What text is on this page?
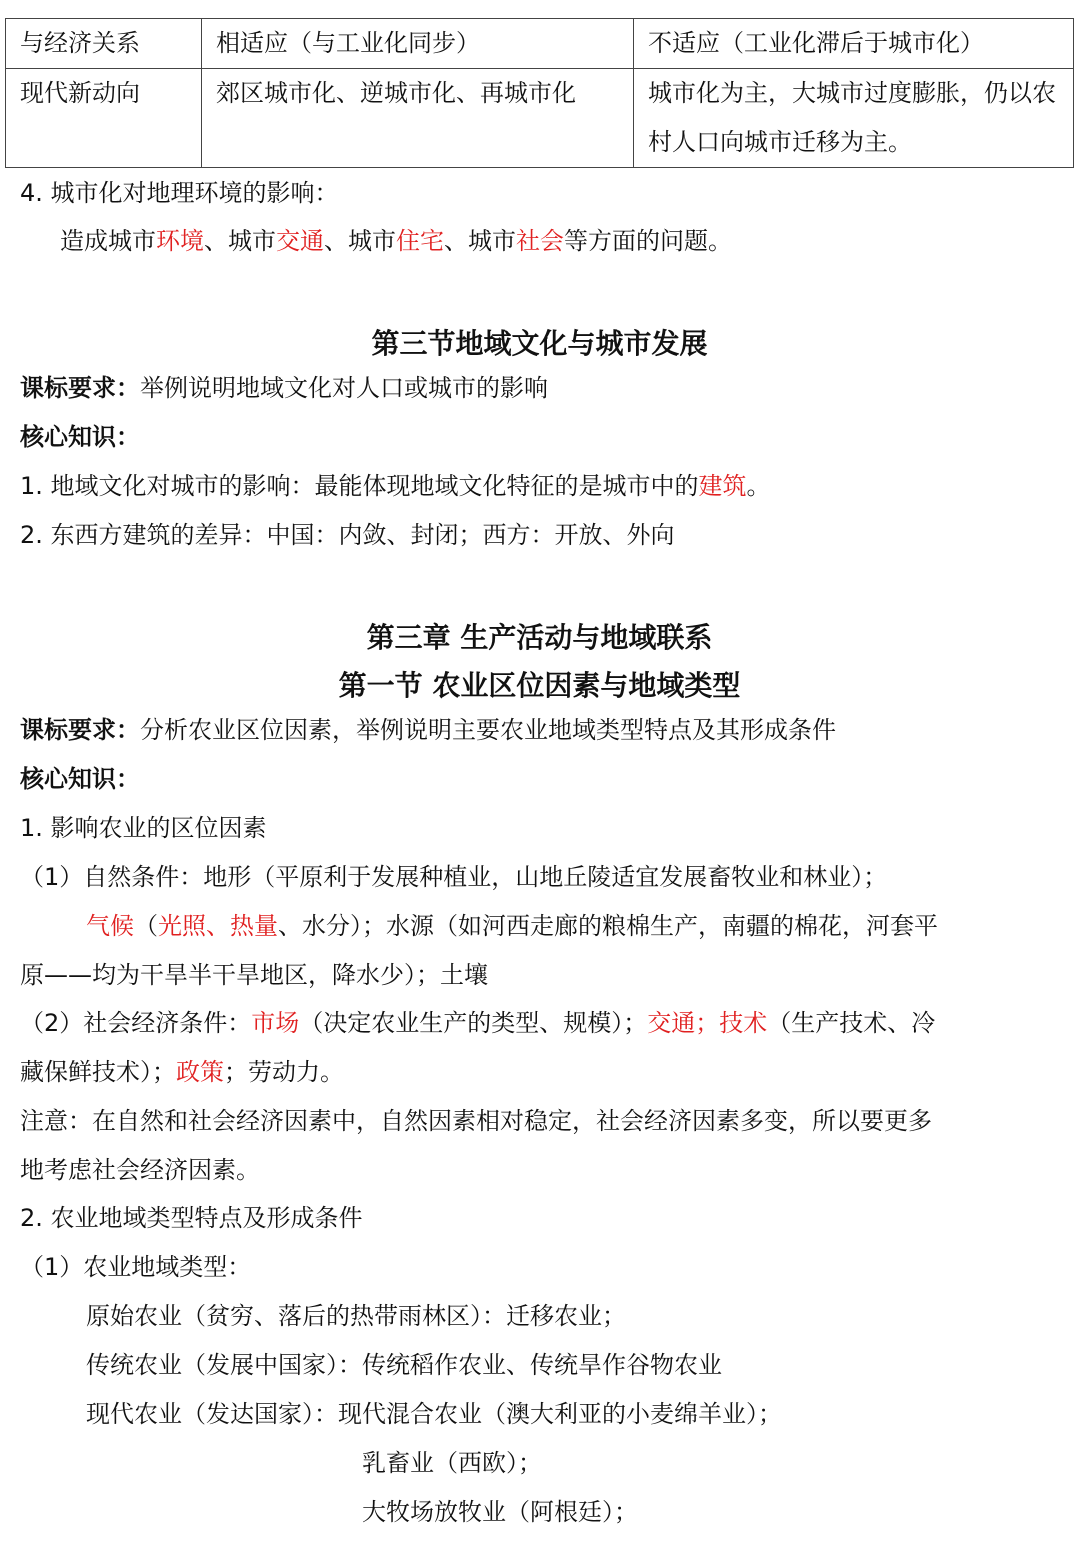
与经济关系	相适应（与工业化同步）	不适应（工业化滞后于城市化）
现代新动向	郊区城市化、逆城市化、再城市化	城市化为主，大城市过度膨胀，仍以农村人口向城市迁移为主。
4. 城市化对地理环境的影响：
造成城市环境、城市交通、城市住宅、城市社会等方面的问题。
第三节地域文化与城市发展
课标要求：举例说明地域文化对人口或城市的影响
核心知识：
1. 地域文化对城市的影响：最能体现地域文化特征的是城市中的建筑。
2. 东西方建筑的差异：中国：内敛、封闭；西方：开放、外向
第三章 生产活动与地域联系
第一节 农业区位因素与地域类型
课标要求：分析农业区位因素，举例说明主要农业地域类型特点及其形成条件
核心知识：
1. 影响农业的区位因素
（1）自然条件：地形（平原利于发展种植业，山地丘陵适宜发展畜牧业和林业）；
气候（光照、热量、水分）；水源（如河西走廊的粮棉生产，南疆的棉花，河套平
原——均为干旱半干旱地区，降水少）；土壤
（2）社会经济条件：市场（决定农业生产的类型、规模）；交通；技术（生产技术、冷
藏保鲜技术）；政策；劳动力。
注意：在自然和社会经济因素中，自然因素相对稳定，社会经济因素多变，所以要更多
地考虑社会经济因素。
2. 农业地域类型特点及形成条件
（1）农业地域类型：
原始农业（贫穷、落后的热带雨林区）：迁移农业；
传统农业（发展中国家）：传统稻作农业、传统旱作谷物农业
现代农业（发达国家）：现代混合农业（澳大利亚的小麦绵羊业）；
乳畜业（西欧）；
大牧场放牧业（阿根廷）；
